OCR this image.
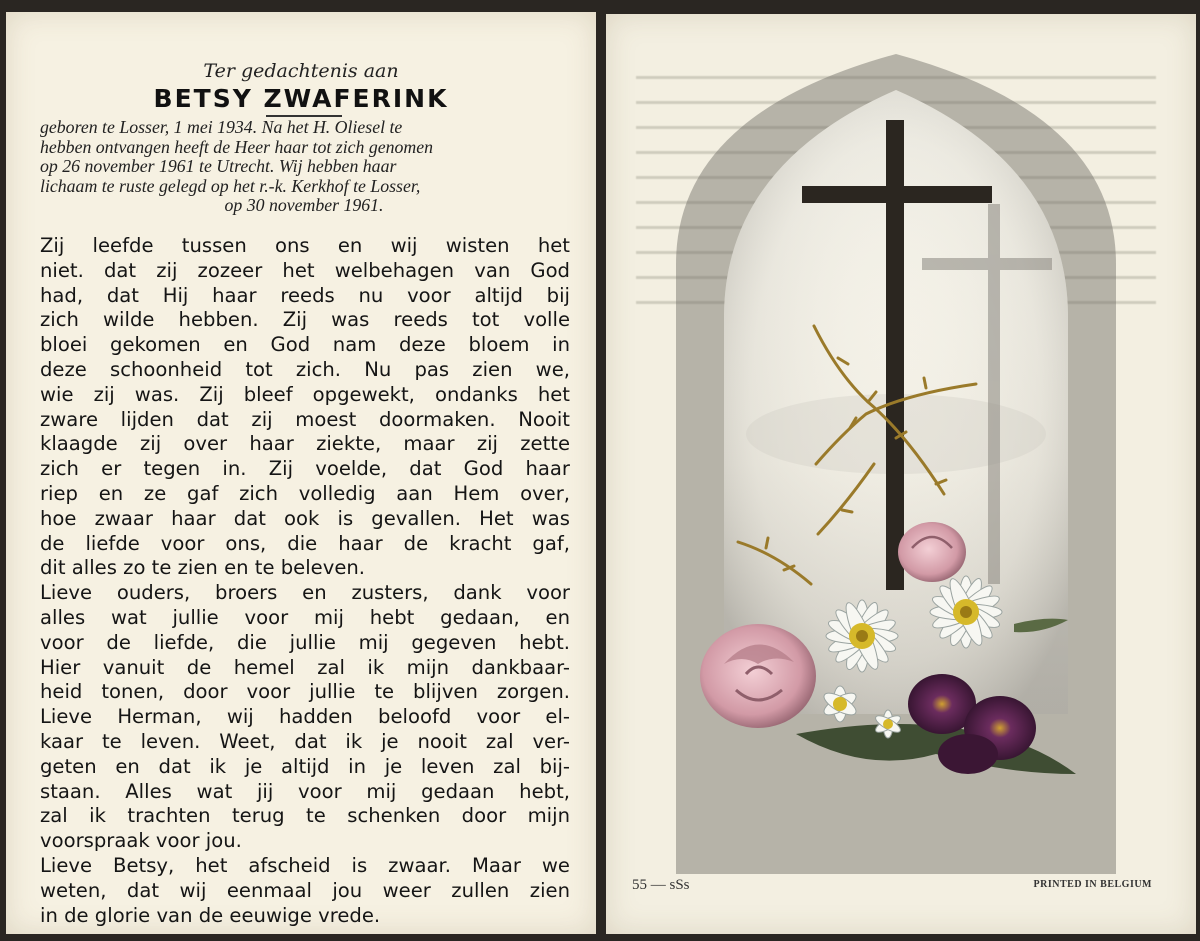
Ter gedachtenis aan
BETSY ZWAFERINK
geboren te Losser, 1 mei 1934. Na het H. Oliesel te
hebben ontvangen heeft de Heer haar tot zich genomen
op 26 november 1961 te Utrecht. Wij hebben haar
lichaam te ruste gelegd op het r.-k. Kerkhof te Losser,
op 30 november 1961.
Zij leefde tussen ons en wij wisten het
niet. dat zij zozeer het welbehagen van God
had, dat Hij haar reeds nu voor altijd bij
zich wilde hebben. Zij was reeds tot volle
bloei gekomen en God nam deze bloem in
deze schoonheid tot zich. Nu pas zien we,
wie zij was. Zij bleef opgewekt, ondanks het
zware lijden dat zij moest doormaken. Nooit
klaagde zij over haar ziekte, maar zij zette
zich er tegen in. Zij voelde, dat God haar
riep en ze gaf zich volledig aan Hem over,
hoe zwaar haar dat ook is gevallen. Het was
de liefde voor ons, die haar de kracht gaf,
dit alles zo te zien en te beleven.
Lieve ouders, broers en zusters, dank voor
alles wat jullie voor mij hebt gedaan, en
voor de liefde, die jullie mij gegeven hebt.
Hier vanuit de hemel zal ik mijn dankbaar-
heid tonen, door voor jullie te blijven zorgen.
Lieve Herman, wij hadden beloofd voor el-
kaar te leven. Weet, dat ik je nooit zal ver-
geten en dat ik je altijd in je leven zal bij-
staan. Alles wat jij voor mij gedaan hebt,
zal ik trachten terug te schenken door mijn
voorspraak voor jou.
Lieve Betsy, het afscheid is zwaar. Maar we
weten, dat wij eenmaal jou weer zullen zien
in de glorie van de eeuwige vrede.
55 — sSs	PRINTED IN BELGIUM
